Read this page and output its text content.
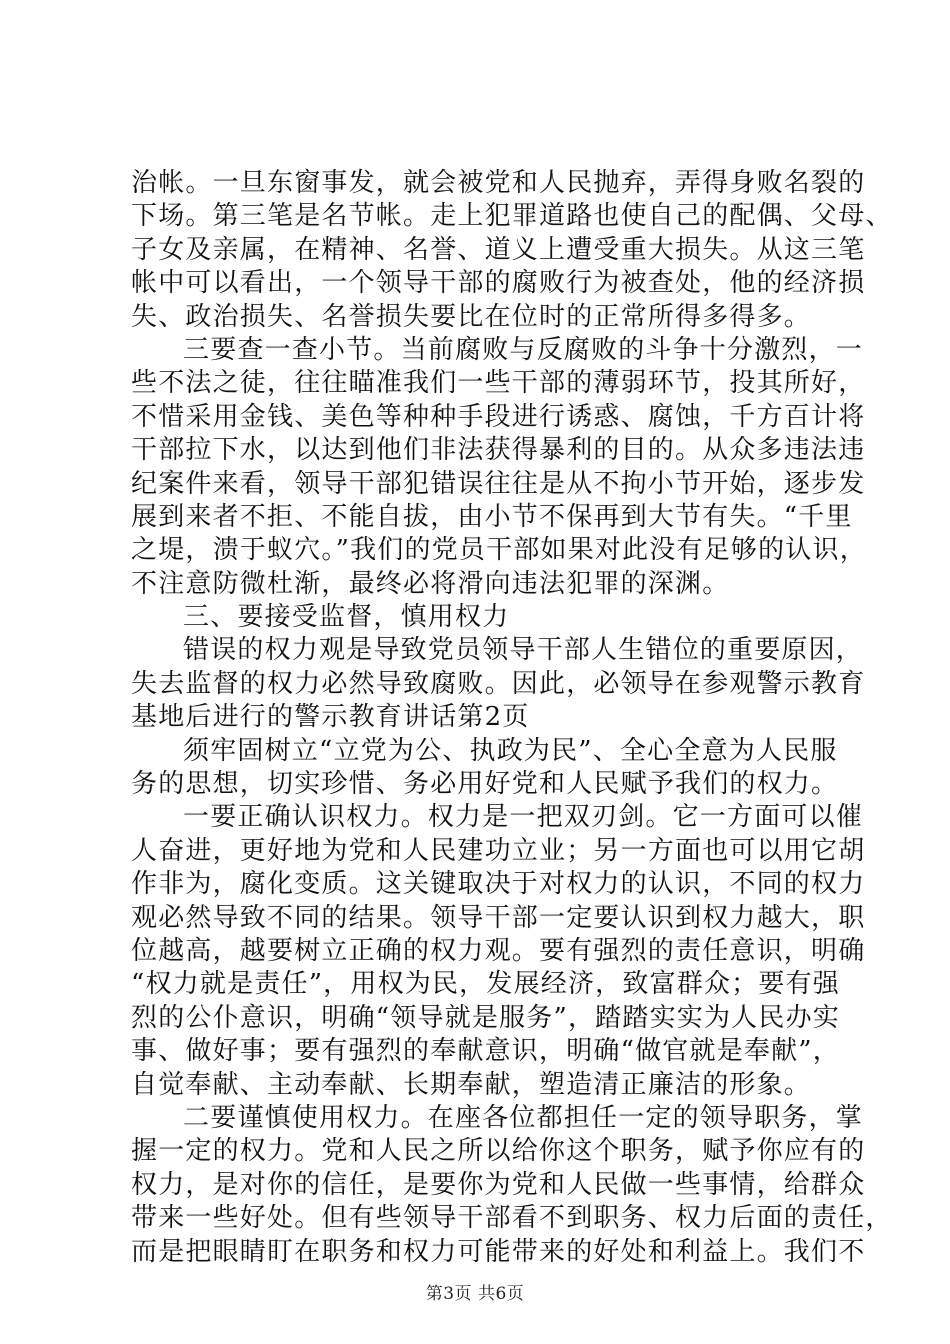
治帐。一旦东窗事发，就会被党和人民抛弃，弄得身败名裂的
下场。第三笔是名节帐。走上犯罪道路也使自己的配偶、父母、
子女及亲属，在精神、名誉、道义上遭受重大损失。从这三笔
帐中可以看出，一个领导干部的腐败行为被查处，他的经济损
失、政治损失、名誉损失要比在位时的正常所得多得多。
三要查一查小节。当前腐败与反腐败的斗争十分激烈，一
些不法之徒，往往瞄准我们一些干部的薄弱环节，投其所好，
不惜采用金钱、美色等种种手段进行诱惑、腐蚀，千方百计将
干部拉下水，以达到他们非法获得暴利的目的。从众多违法违
纪案件来看，领导干部犯错误往往是从不拘小节开始，逐步发
展到来者不拒、不能自拔，由小节不保再到大节有失。“千里
之堤，溃于蚁穴。”我们的党员干部如果对此没有足够的认识，
不注意防微杜渐，最终必将滑向违法犯罪的深渊。
三、要接受监督，慎用权力
错误的权力观是导致党员领导干部人生错位的重要原因，
失去监督的权力必然导致腐败。因此，必领导在参观警示教育
基地后进行的警示教育讲话第2页
须牢固树立“立党为公、执政为民”、全心全意为人民服
务的思想，切实珍惜、务必用好党和人民赋予我们的权力。
一要正确认识权力。权力是一把双刃剑。它一方面可以催
人奋进，更好地为党和人民建功立业；另一方面也可以用它胡
作非为，腐化变质。这关键取决于对权力的认识，不同的权力
观必然导致不同的结果。领导干部一定要认识到权力越大，职
位越高，越要树立正确的权力观。要有强烈的责任意识，明确
“权力就是责任”，用权为民，发展经济，致富群众；要有强
烈的公仆意识，明确“领导就是服务”，踏踏实实为人民办实
事、做好事；要有强烈的奉献意识，明确“做官就是奉献”，
自觉奉献、主动奉献、长期奉献，塑造清正廉洁的形象。
二要谨慎使用权力。在座各位都担任一定的领导职务，掌
握一定的权力。党和人民之所以给你这个职务，赋予你应有的
权力，是对你的信任，是要你为党和人民做一些事情，给群众
带来一些好处。但有些领导干部看不到职务、权力后面的责任，
而是把眼睛盯在职务和权力可能带来的好处和利益上。我们不
第3页 共6页
